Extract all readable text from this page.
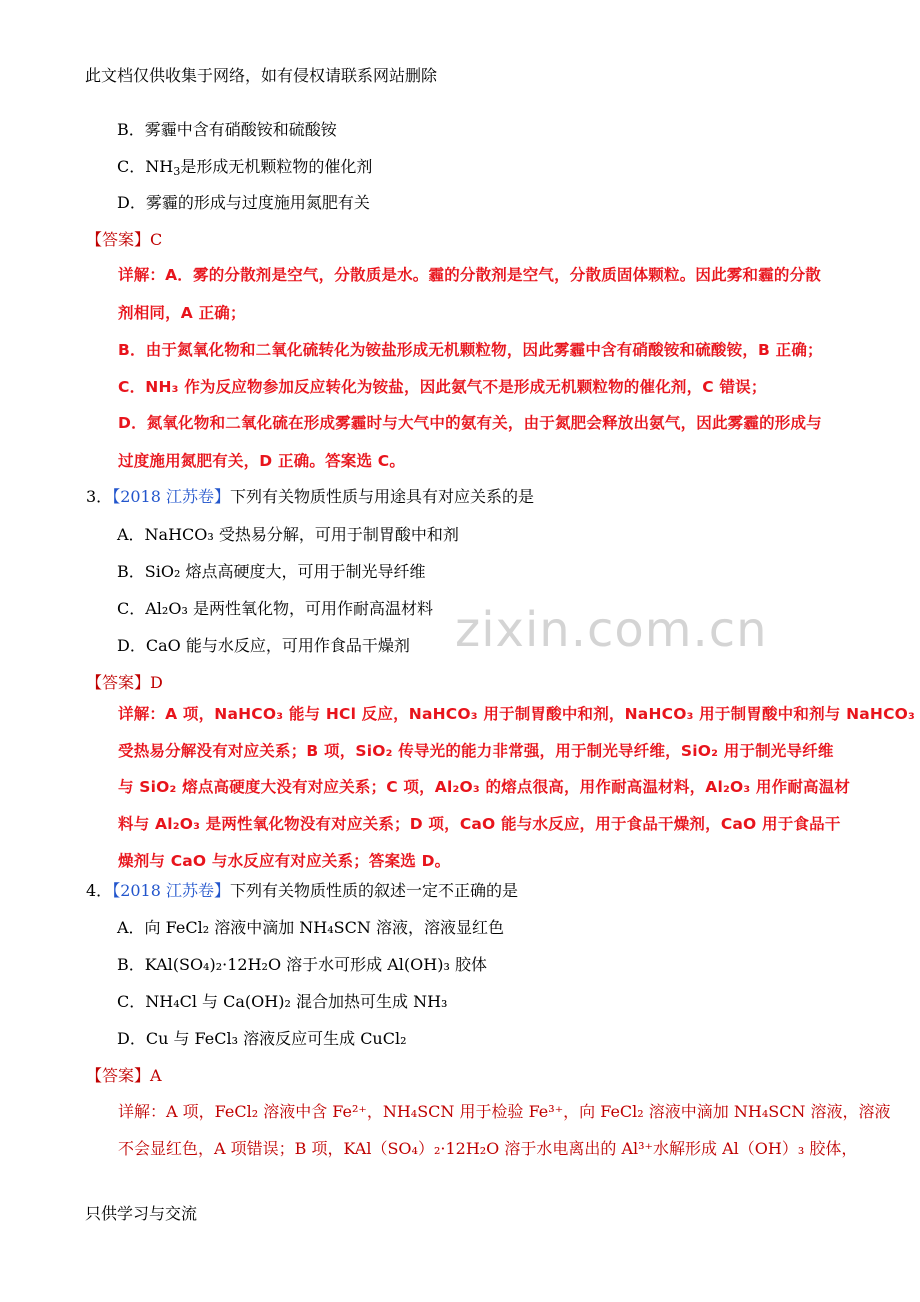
此文档仅供收集于网络，如有侵权请联系网站删除
B．雾霾中含有硝酸铵和硫酸铵
C．$NH_3$是形成无机颗粒物的催化剂
D．雾霾的形成与过度施用氮肥有关
【答案】C
详解：A．雾的分散剂是空气，分散质是水。霾的分散剂是空气，分散质固体颗粒。因此雾和霾的分散
剂相同，A 正确；
B．由于氮氧化物和二氧化硫转化为铵盐形成无机颗粒物，因此雾霾中含有硝酸铵和硫酸铵，B 正确；
C．NH₃ 作为反应物参加反应转化为铵盐，因此氨气不是形成无机颗粒物的催化剂，C 错误；
D．氮氧化物和二氧化硫在形成雾霾时与大气中的氨有关，由于氮肥会释放出氨气，因此雾霾的形成与
过度施用氮肥有关，D 正确。答案选 C。
3．【2018 江苏卷】下列有关物质性质与用途具有对应关系的是
A．NaHCO₃ 受热易分解，可用于制胃酸中和剂
B．SiO₂ 熔点高硬度大，可用于制光导纤维
C．Al₂O₃ 是两性氧化物，可用作耐高温材料
D．CaO 能与水反应，可用作食品干燥剂
【答案】D
详解：A 项，NaHCO₃ 能与 HCl 反应，NaHCO₃ 用于制胃酸中和剂，NaHCO₃ 用于制胃酸中和剂与 NaHCO₃
受热易分解没有对应关系；B 项，SiO₂ 传导光的能力非常强，用于制光导纤维，SiO₂ 用于制光导纤维
与 SiO₂ 熔点高硬度大没有对应关系；C 项，Al₂O₃ 的熔点很高，用作耐高温材料，Al₂O₃ 用作耐高温材
料与 Al₂O₃ 是两性氧化物没有对应关系；D 项，CaO 能与水反应，用于食品干燥剂，CaO 用于食品干
燥剂与 CaO 与水反应有对应关系；答案选 D。
4．【2018 江苏卷】下列有关物质性质的叙述一定不正确的是
A．向 FeCl₂ 溶液中滴加 NH₄SCN 溶液，溶液显红色
B．KAl(SO₄)₂·12H₂O 溶于水可形成 Al(OH)₃ 胶体
C．NH₄Cl 与 Ca(OH)₂ 混合加热可生成 NH₃
D．Cu 与 FeCl₃ 溶液反应可生成 CuCl₂
【答案】A
详解：A 项，FeCl₂ 溶液中含 Fe²⁺，NH₄SCN 用于检验 Fe³⁺，向 FeCl₂ 溶液中滴加 NH₄SCN 溶液，溶液
不会显红色，A 项错误；B 项，KAl（SO₄）₂·12H₂O 溶于水电离出的 Al³⁺水解形成 Al（OH）₃ 胶体，
zixin.com.cn
只供学习与交流
